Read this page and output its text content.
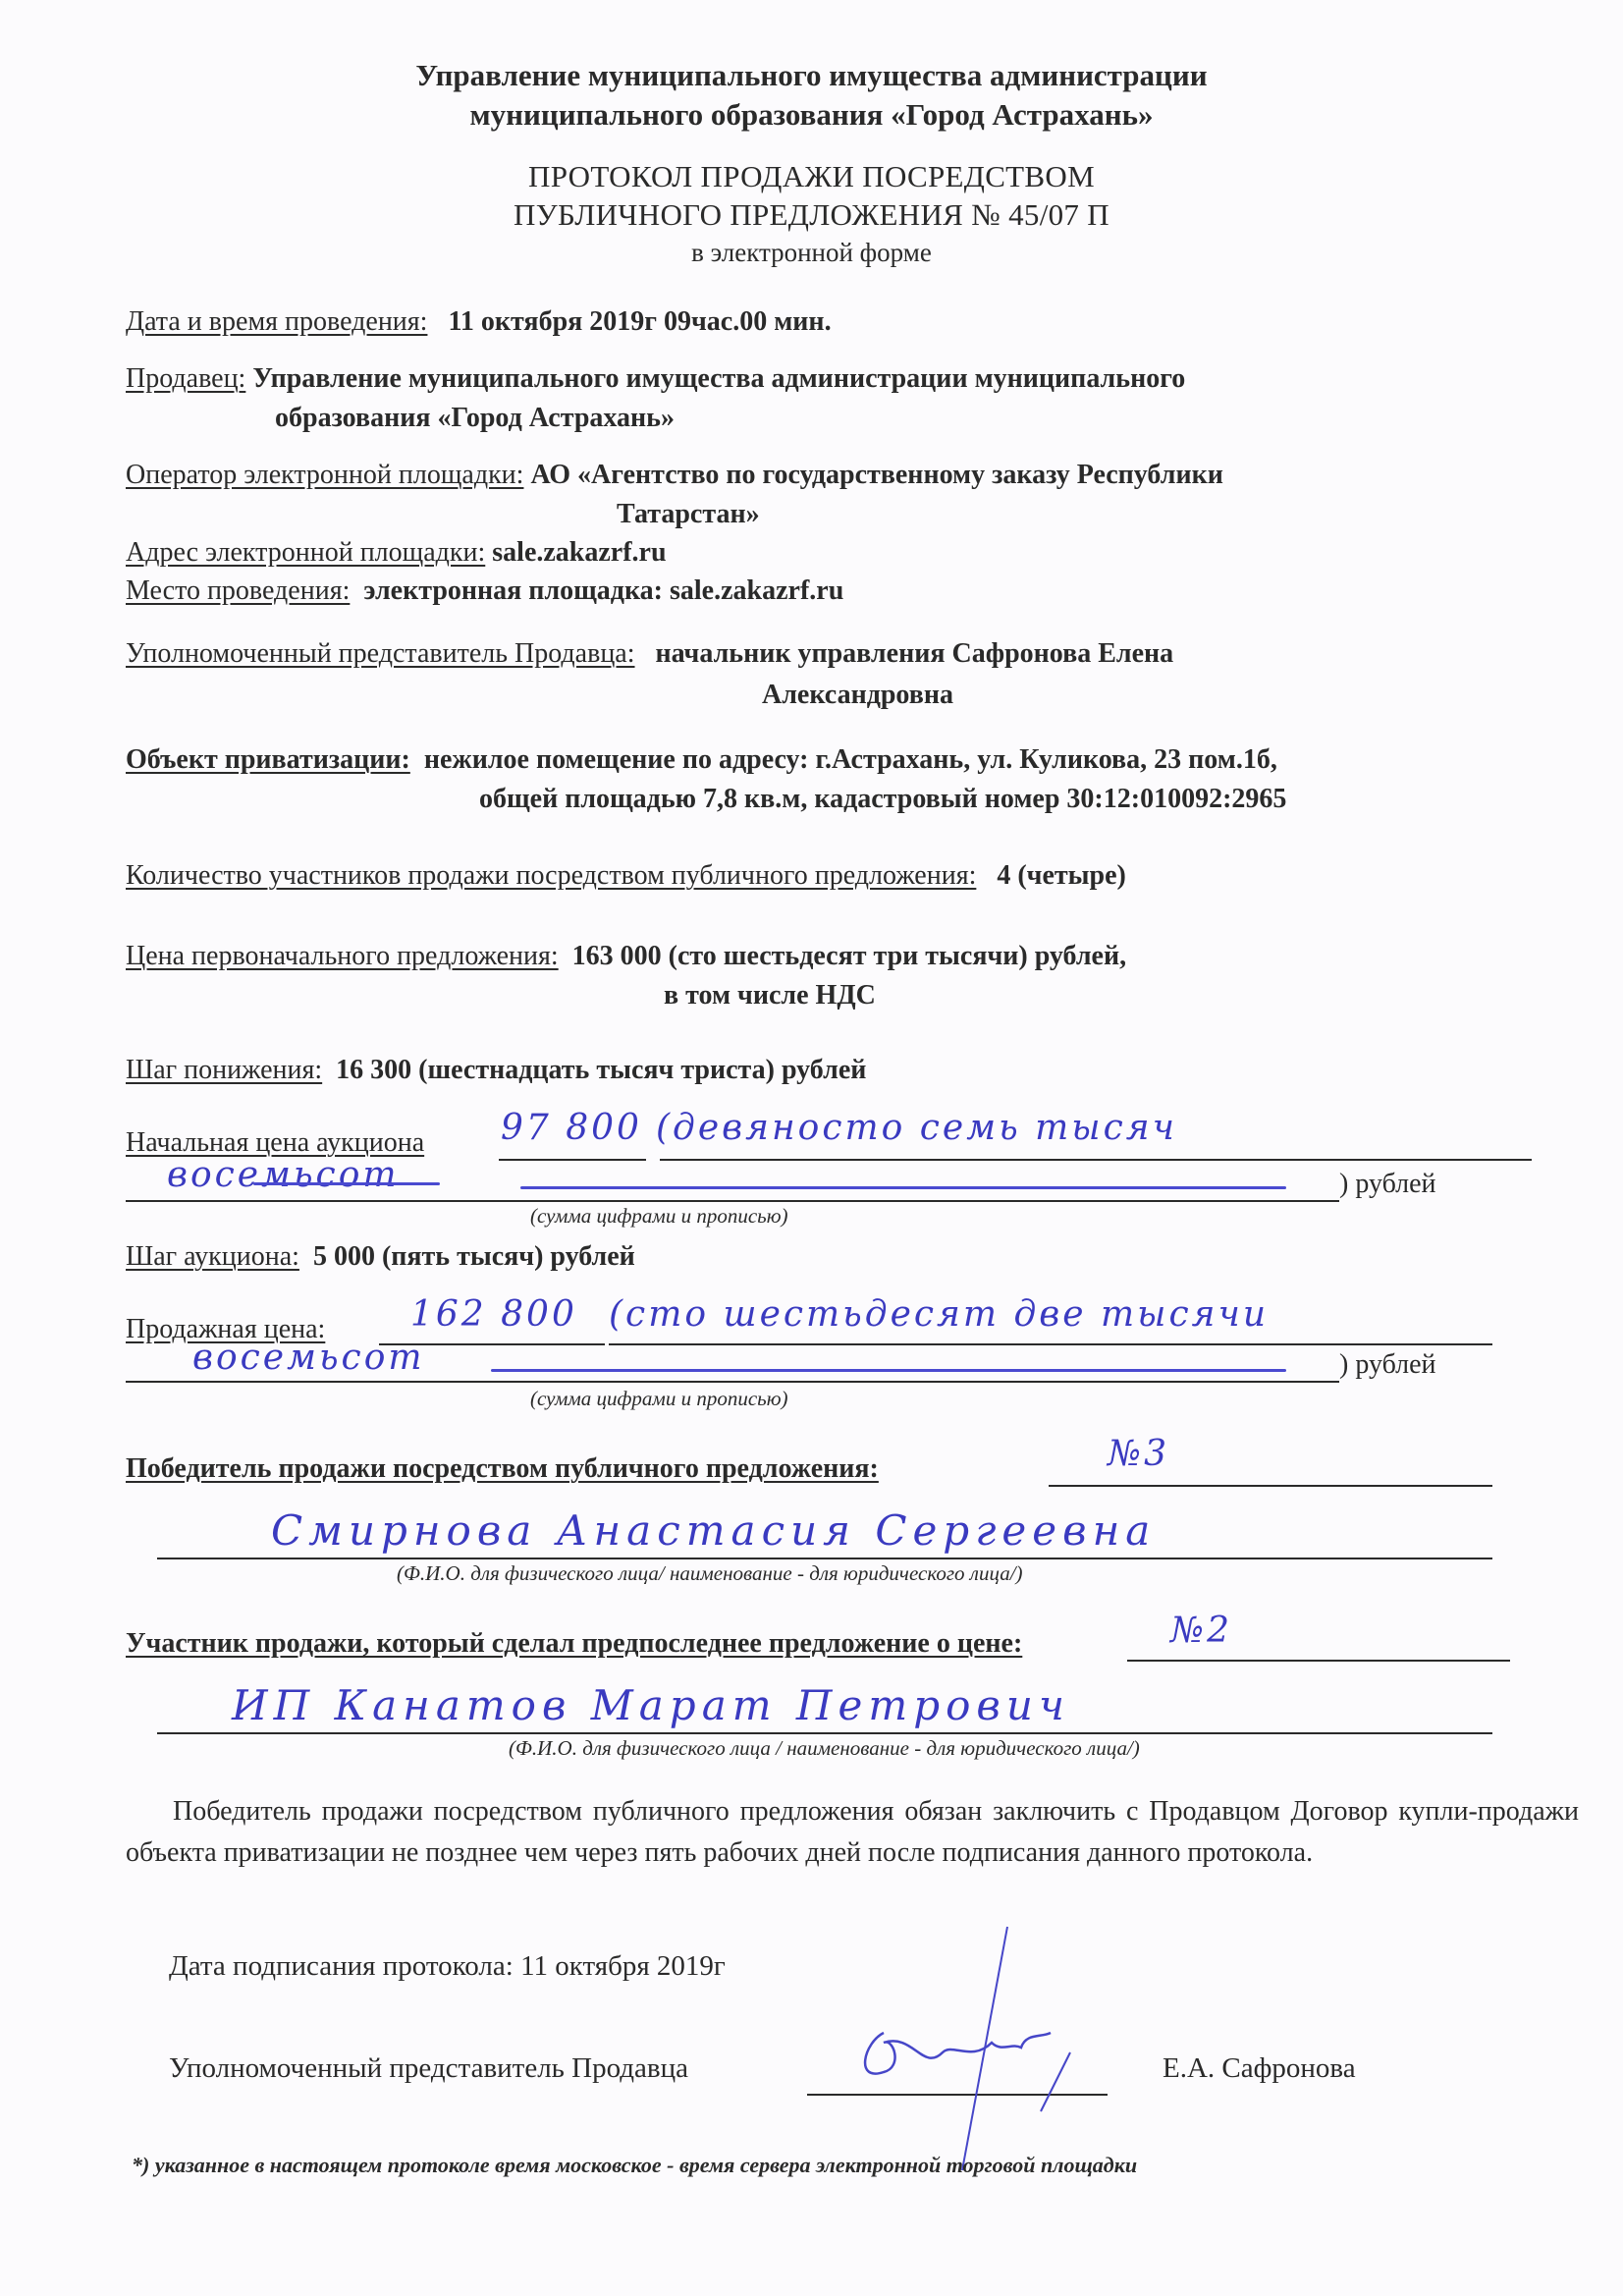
Управление муниципального имущества администрации
муниципального образования «Город Астрахань»
ПРОТОКОЛ ПРОДАЖИ ПОСРЕДСТВОМ
ПУБЛИЧНОГО ПРЕДЛОЖЕНИЯ № 45/07 П
в электронной форме
Дата и время проведения: 11 октября 2019г 09час.00 мин.
Продавец: Управление муниципального имущества администрации муниципального
образования «Город Астрахань»
Оператор электронной площадки: АО «Агентство по государственному заказу Республики
Татарстан»
Адрес электронной площадки: sale.zakazrf.ru
Место проведения: электронная площадка: sale.zakazrf.ru
Уполномоченный представитель Продавца: начальник управления Сафронова Елена
Александровна
Объект приватизации: нежилое помещение по адресу: г.Астрахань, ул. Куликова, 23 пом.1б,
общей площадью 7,8 кв.м, кадастровый номер 30:12:010092:2965
Количество участников продажи посредством публичного предложения: 4 (четыре)
Цена первоначального предложения: 163 000 (сто шестьдесят три тысячи) рублей,
в том числе НДС
Шаг понижения: 16 300 (шестнадцать тысяч триста) рублей
Начальная цена аукциона 97 800 (девяносто семь тысяч
восемьсот	) рублей
(сумма цифрами и прописью)
Шаг аукциона: 5 000 (пять тысяч) рублей
Продажная цена: 162 800 (сто шестьдесят две тысячи
восемьсот	) рублей
(сумма цифрами и прописью)
Победитель продажи посредством публичного предложения:	№3
Смирнова Анастасия Сергеевна
(Ф.И.О. для физического лица/ наименование - для юридического лица/)
Участник продажи, который сделал предпоследнее предложение о цене:	№2
ИП Канатов Марат Петрович
(Ф.И.О. для физического лица / наименование - для юридического лица/)
Победитель продажи посредством публичного предложения обязан заключить с Продавцом Договор купли-продажи объекта приватизации не позднее чем через пять рабочих дней после подписания данного протокола.
Дата подписания протокола: 11 октября 2019г
Уполномоченный представитель Продавца	Е.А. Сафронова
*) указанное в настоящем протоколе время московское - время сервера электронной торговой площадки
